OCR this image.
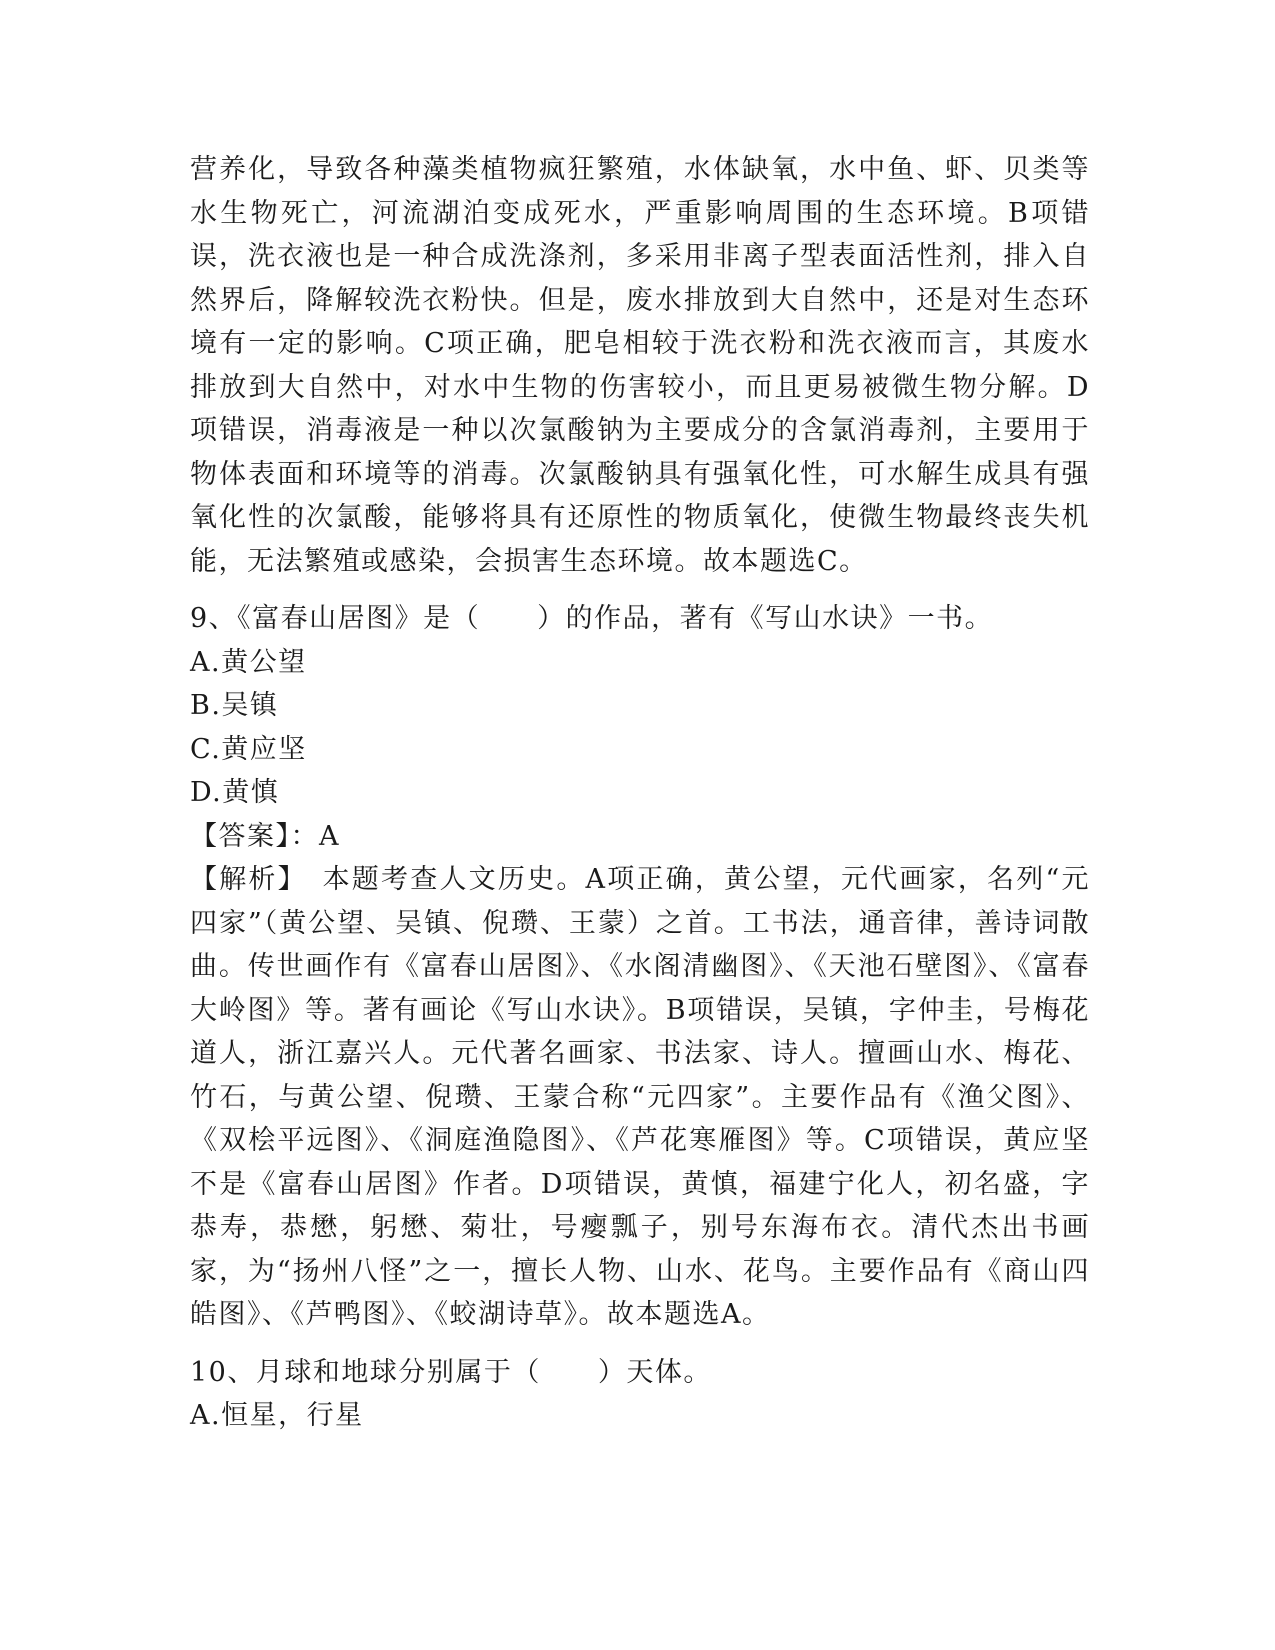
营养化，导致各种藻类植物疯狂繁殖，水体缺氧，水中鱼、虾、贝类等水生物死亡，河流湖泊变成死水，严重影响周围的生态环境。B项错误，洗衣液也是一种合成洗涤剂，多采用非离子型表面活性剂，排入自然界后，降解较洗衣粉快。但是，废水排放到大自然中，还是对生态环境有一定的影响。C项正确，肥皂相较于洗衣粉和洗衣液而言，其废水排放到大自然中，对水中生物的伤害较小，而且更易被微生物分解。D项错误，消毒液是一种以次氯酸钠为主要成分的含氯消毒剂，主要用于物体表面和环境等的消毒。次氯酸钠具有强氧化性，可水解生成具有强氧化性的次氯酸，能够将具有还原性的物质氧化，使微生物最终丧失机能，无法繁殖或感染，会损害生态环境。故本题选C。

9、《富春山居图》是（　　）的作品，著有《写山水诀》一书。

A.黄公望

B.吴镇

C.黄应坚

D.黄慎

【答案】：A

【解析】　本题考查人文历史。A项正确，黄公望，元代画家，名列“元四家”（黄公望、吴镇、倪瓒、王蒙）之首。工书法，通音律，善诗词散曲。传世画作有《富春山居图》、《水阁清幽图》、《天池石壁图》、《富春大岭图》等。著有画论《写山水诀》。B项错误，吴镇，字仲圭，号梅花道人，浙江嘉兴人。元代著名画家、书法家、诗人。擅画山水、梅花、竹石，与黄公望、倪瓒、王蒙合称“元四家”。主要作品有《渔父图》、《双桧平远图》、《洞庭渔隐图》、《芦花寒雁图》等。C项错误，黄应坚不是《富春山居图》作者。D项错误，黄慎，福建宁化人，初名盛，字恭寿，恭懋，躬懋、菊壮，号瘿瓢子，别号东海布衣。清代杰出书画家，为“扬州八怪”之一，擅长人物、山水、花鸟。主要作品有《商山四皓图》、《芦鸭图》、《蛟湖诗草》。故本题选A。

10、月球和地球分别属于（　　）天体。

A.恒星，行星
